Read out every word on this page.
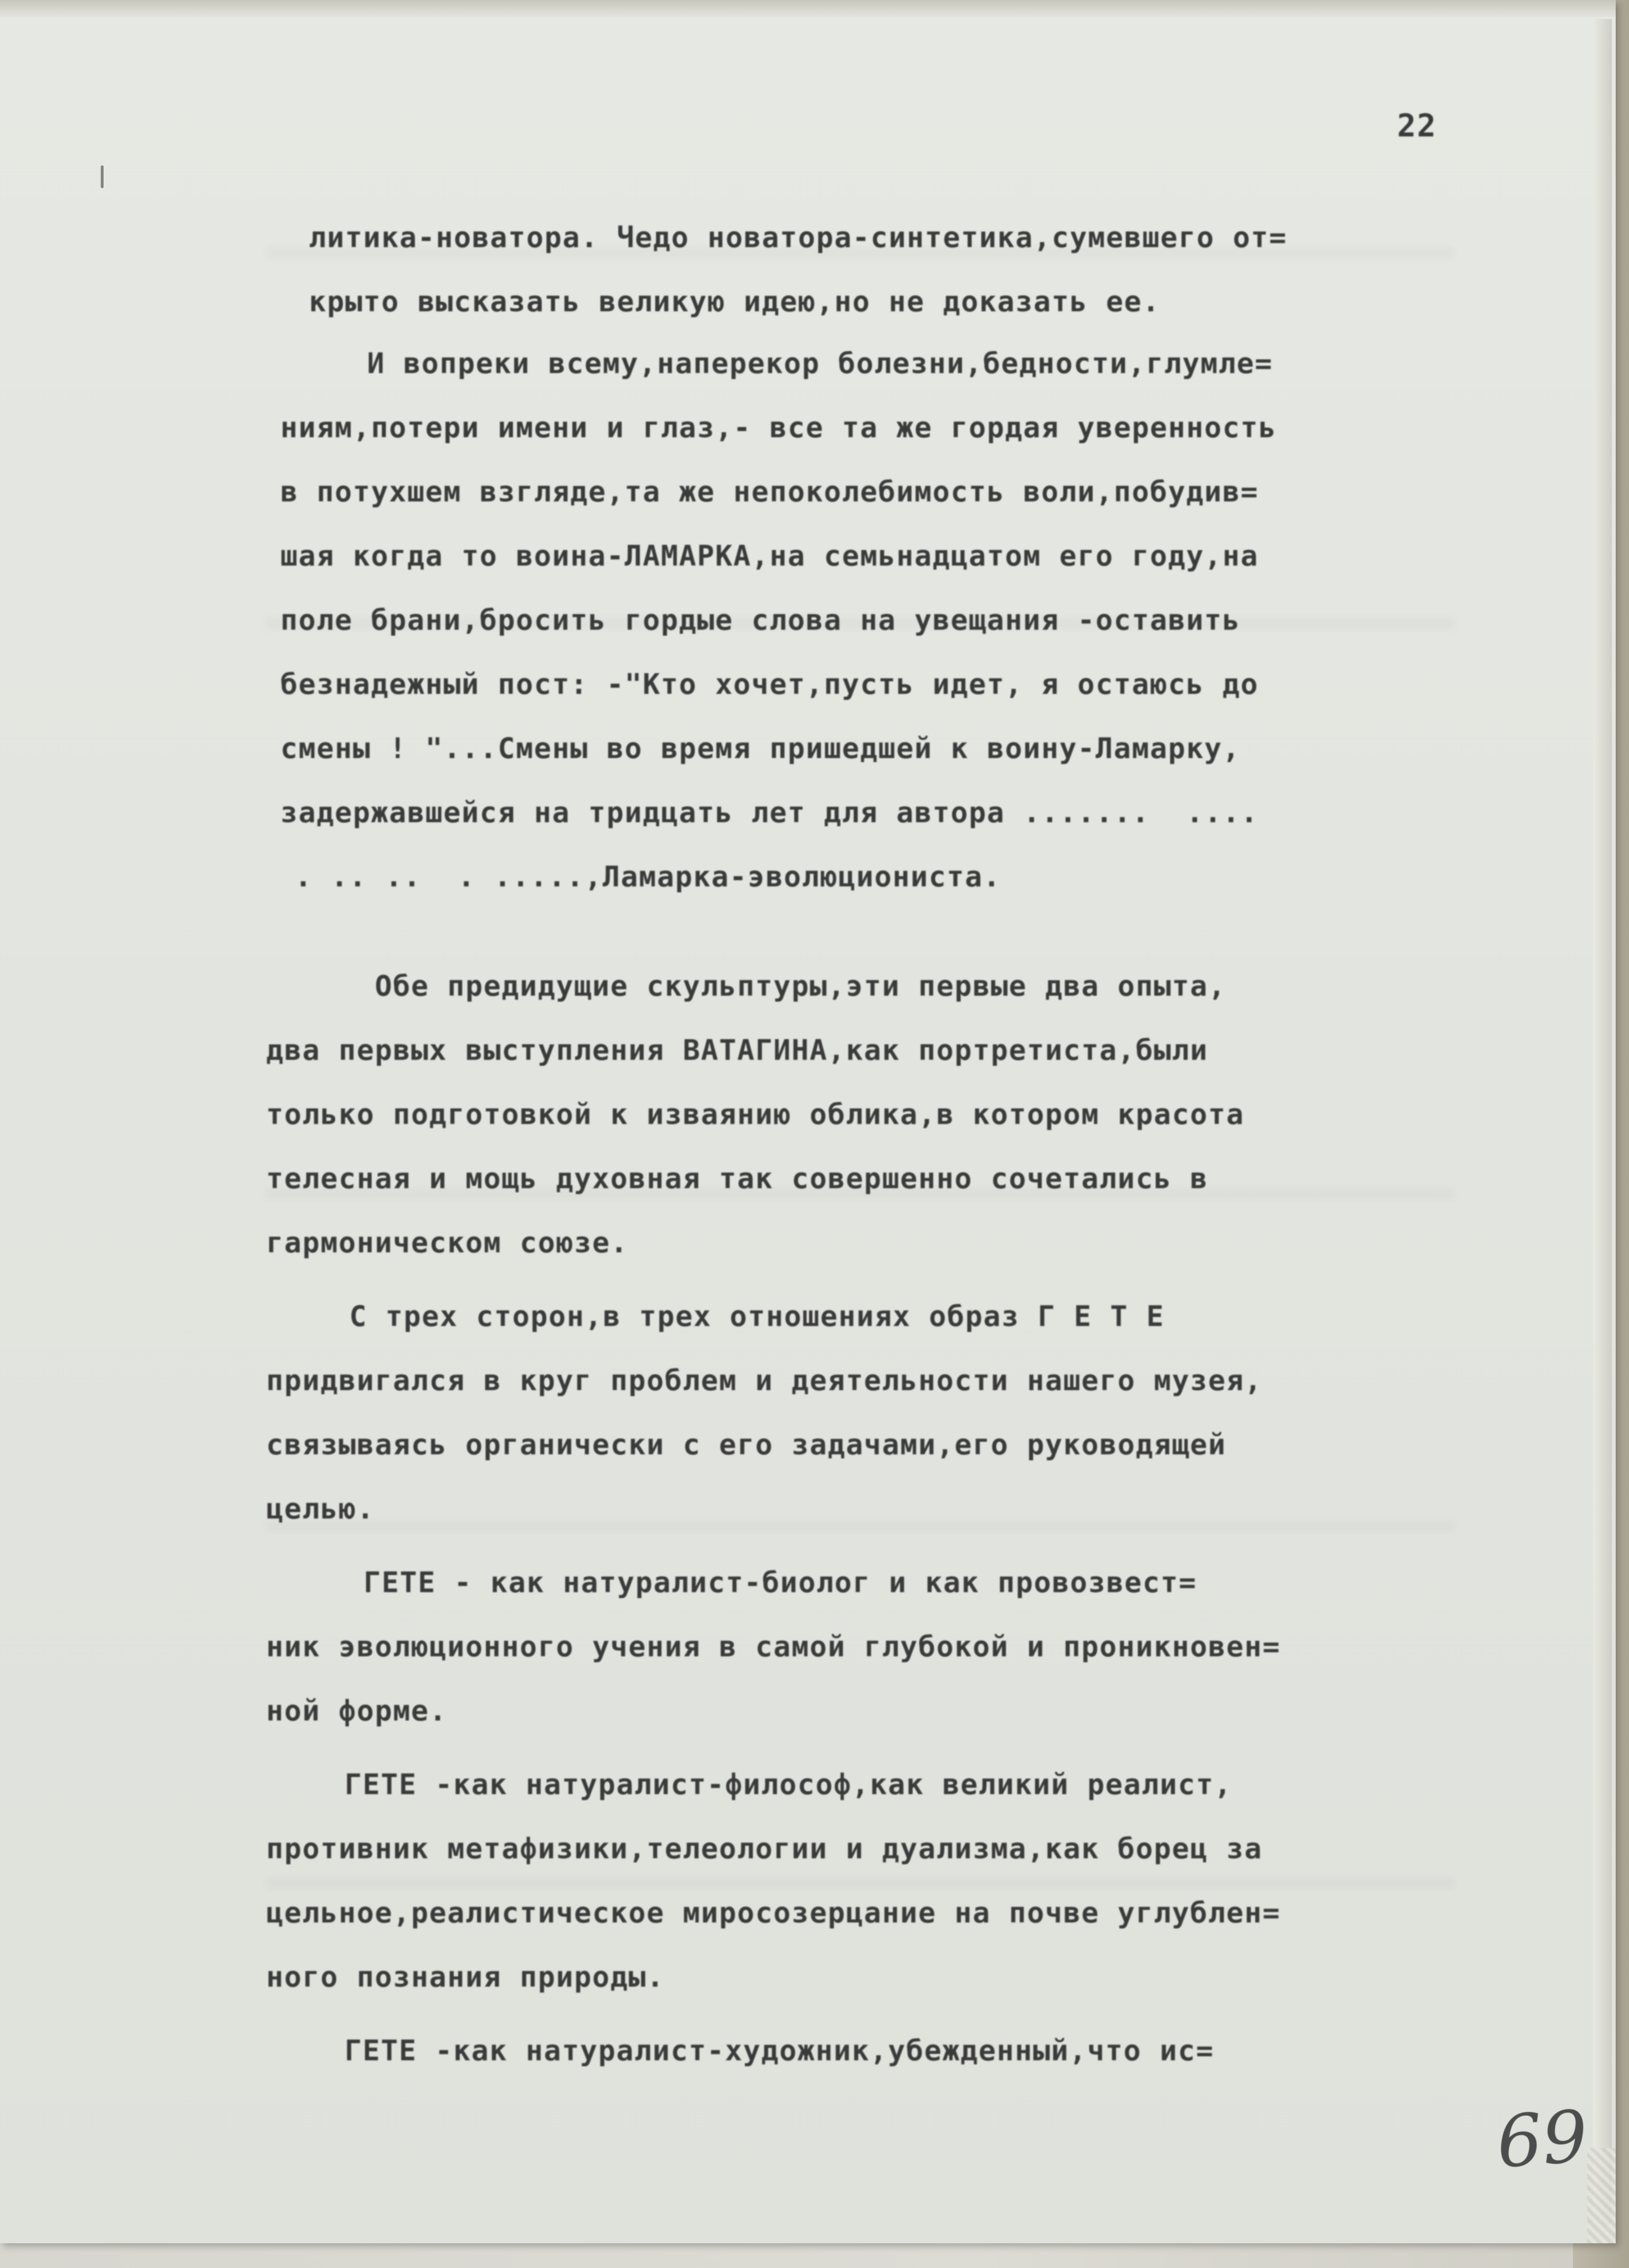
22
литика-новатора. Чедо новатора-синтетика,сумевшего от=
крыто высказать великую идею,но не доказать ее.
И вопреки всему,наперекор болезни,бедности,глумле=
ниям,потери имени и глаз,- все та же гордая уверенность
в потухшем взгляде,та же непоколебимость воли,побудив=
шая когда то воина-ЛАМАРКА,на семьнадцатом его году,на
поле брани,бросить гордые слова на увещания -оставить
безнадежный пост: -"Кто хочет,пусть идет, я остаюсь до
смены ! "...Смены во время пришедшей к воину-Ламарку,
задержавшейся на тридцать лет для автора .......  ....
. .. ..  . .....,Ламарка-эволюциониста.
Обе предидущие скульптуры,эти первые два опыта,
два первых выступления ВАТАГИНА,как портретиста,были
только подготовкой к изваянию облика,в котором красота
телесная и мощь духовная так совершенно сочетались в
гармоническом союзе.
С трех сторон,в трех отношениях образ Г Е Т Е
придвигался в круг проблем и деятельности нашего музея,
связываясь органически с его задачами,его руководящей
целью.
ГЕТЕ - как натуралист-биолог и как провозвест=
ник эволюционного учения в самой глубокой и проникновен=
ной форме.
ГЕТЕ -как натуралист-философ,как великий реалист,
противник метафизики,телеологии и дуализма,как борец за
цельное,реалистическое миросозерцание на почве углублен=
ного познания природы.
ГЕТЕ -как натуралист-художник,убежденный,что ис=
69
